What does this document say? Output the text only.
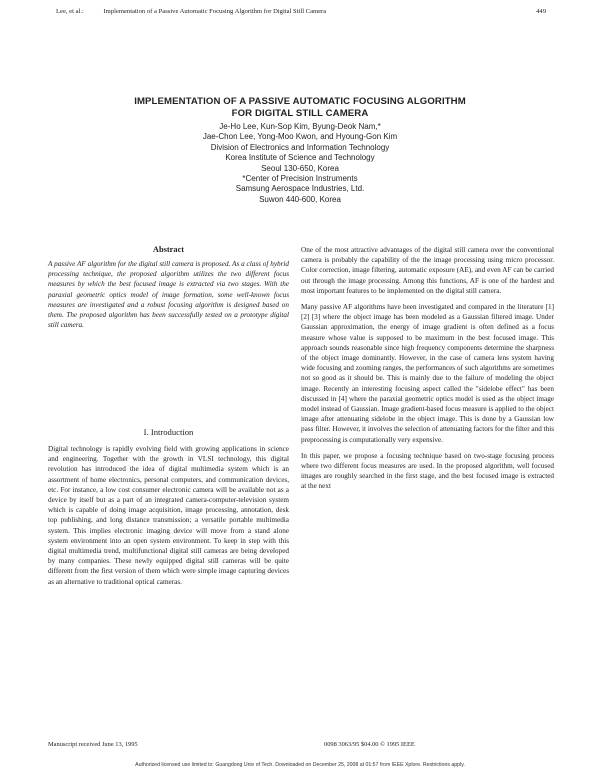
Lee, et al.:	Implementation of a Passive Automatic Focusing Algorithm for Digital Still Camera	449
IMPLEMENTATION OF A PASSIVE AUTOMATIC FOCUSING ALGORITHM
FOR DIGITAL STILL CAMERA
Je-Ho Lee, Kun-Sop Kim, Byung-Deok Nam,*
Jae-Chon Lee, Yong-Moo Kwon, and Hyoung-Gon Kim
Division of Electronics and Information Technology
Korea Institute of Science and Technology
Seoul 130-650, Korea
*Center of Precision Instruments
Samsung Aerospace Industries, Ltd.
Suwon 440-600, Korea
Abstract

A passive AF algorithm for the digital still camera is proposed. As a class of hybrid processing technique, the proposed algorithm utilizes the two different focus measures by which the best focused image is extracted via two stages. With the paraxial geometric optics model of image formation, some well-known focus measures are investigated and a robust focusing algorithm is designed based on them. The proposed algorithm has been successfully tested on a prototype digital still camera.

I. Introduction

Digital technology is rapidly evolving field with growing applications in science and engineering. Together with the growth in VLSI technology, this digital revolution has introduced the idea of digital multimedia system which is an assortment of home electronics, personal computers, and communication devices, etc. For instance, a low cost consumer electronic camera will be available not as a device by itself but as a part of an integrated camera-computer-television system which is capable of doing image acquisition, image processing, annotation, desk top publishing, and long distance transmission; a versatile portable multimedia system. This implies electronic imaging device will move from a stand alone system environment into an open system environment. To keep in step with this digital multimedia trend, multifunctional digital still cameras are being developed by many companies. These newly equipped digital still cameras will be quite different from the first version of them which were simple image capturing devices as an alternative to traditional optical cameras.

One of the most attractive advantages of the digital still camera over the conventional camera is probably the capability of the the image processing using micro processor. Color correction, image filtering, automatic exposure (AE), and even AF can be carried out through the image processing. Among this functions, AF is one of the hardest and most important features to be implemented on the digital still camera.

Many passive AF algorithms have been investigated and compared in the literature [1] [2] [3] where the object image has been modeled as a Gaussian filtered image. Under Gaussian approximation, the energy of image gradient is often defined as a focus measure whose value is supposed to be maximum in the best focused image. This approach sounds reasonable since high frequency components determine the sharpness of the object image dominantly. However, in the case of camera lens system having wide focusing and zooming ranges, the performances of such algorithms are sometimes not so good as it should be. This is mainly due to the failure of modeling the object image. Recently an interesting focusing aspect called the "sidelobe effect" has been discussed in [4] where the paraxial geometric optics model is used as the object image model instead of Gaussian. Image gradient-based focus measure is applied to the object image after attenuating sidelobe in the object image. This is done by a Gaussian low pass filter. However, it involves the selection of attenuating factors for the filter and this preprocessing is computationally very expensive.

In this paper, we propose a focusing technique based on two-stage focusing process where two different focus measures are used. In the proposed algorithm, well focused images are roughly searched in the first stage, and the best focused image is extracted at the next

Manuscript received June 13, 1995	0098 3063/95 $04.00 © 1995 IEEE
Authorized licensed use limited to: Guangdong Univ of Tech. Downloaded on December 25, 2008 at 01:57 from IEEE Xplore. Restrictions apply.
